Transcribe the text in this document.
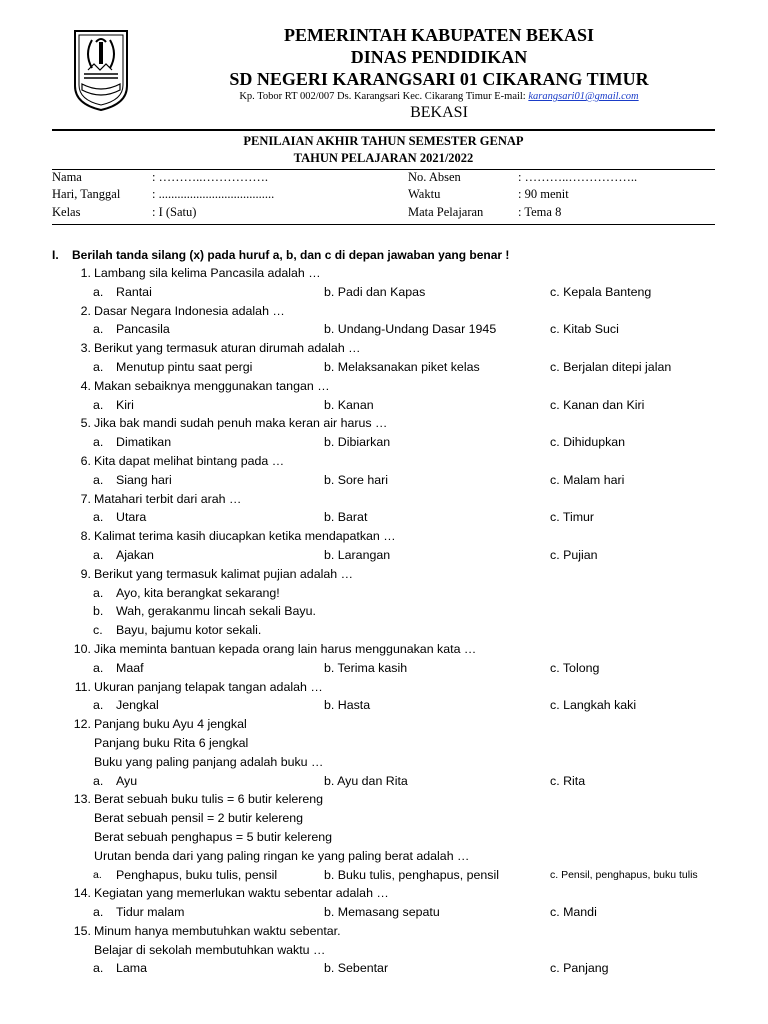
PEMERINTAH KABUPATEN BEKASI
DINAS PENDIDIKAN
SD NEGERI KARANGSARI 01 CIKARANG TIMUR
Kp. Tobor RT 002/007 Ds. Karangsari Kec. Cikarang Timur E-mail: karangsari01@gmail.com
BEKASI
PENILAIAN AKHIR TAHUN SEMESTER GENAP
TAHUN PELAJARAN 2021/2022
Nama	: ………..…………….	No. Absen	: ………..……………..
Hari, Tanggal	: .....................................	Waktu	: 90 menit
Kelas	: I (Satu)	Mata Pelajaran	: Tema 8
I. Berilah tanda silang (x) pada huruf a, b, dan c di depan jawaban yang benar !
1. Lambang sila kelima Pancasila adalah …
a. Rantai	b. Padi dan Kapas	c. Kepala Banteng
2. Dasar Negara Indonesia adalah …
a. Pancasila	b. Undang-Undang Dasar 1945	c. Kitab Suci
3. Berikut yang termasuk aturan dirumah adalah …
a. Menutup pintu saat pergi	b. Melaksanakan piket kelas	c. Berjalan ditepi jalan
4. Makan sebaiknya menggunakan tangan …
a. Kiri	b. Kanan	c. Kanan dan Kiri
5. Jika bak mandi sudah penuh maka keran air harus …
a. Dimatikan	b. Dibiarkan	c. Dihidupkan
6. Kita dapat melihat bintang pada …
a. Siang hari	b. Sore hari	c. Malam hari
7. Matahari terbit dari arah …
a. Utara	b. Barat	c. Timur
8. Kalimat terima kasih diucapkan ketika mendapatkan …
a. Ajakan	b. Larangan	c. Pujian
9. Berikut yang termasuk kalimat pujian adalah …
a. Ayo, kita berangkat sekarang!
b. Wah, gerakanmu lincah sekali Bayu.
c. Bayu, bajumu kotor sekali.
10. Jika meminta bantuan kepada orang lain harus menggunakan kata …
a. Maaf	b. Terima kasih	c. Tolong
11. Ukuran panjang telapak tangan adalah …
a. Jengkal	b. Hasta	c. Langkah kaki
12. Panjang buku Ayu 4 jengkal
Panjang buku Rita 6 jengkal
Buku yang paling panjang adalah buku …
a. Ayu	b. Ayu dan Rita	c. Rita
13. Berat sebuah buku tulis = 6 butir kelereng
Berat sebuah pensil = 2 butir kelereng
Berat sebuah penghapus = 5 butir kelereng
Urutan benda dari yang paling ringan ke yang paling berat adalah …
a.	Penghapus, buku tulis, pensil	b. Buku tulis, penghapus, pensil	c. Pensil, penghapus, buku tulis
14. Kegiatan yang memerlukan waktu sebentar adalah …
a. Tidur malam	b. Memasang sepatu	c. Mandi
15. Minum hanya membutuhkan waktu sebentar.
Belajar di sekolah membutuhkan waktu …
a. Lama	b. Sebentar	c. Panjang
